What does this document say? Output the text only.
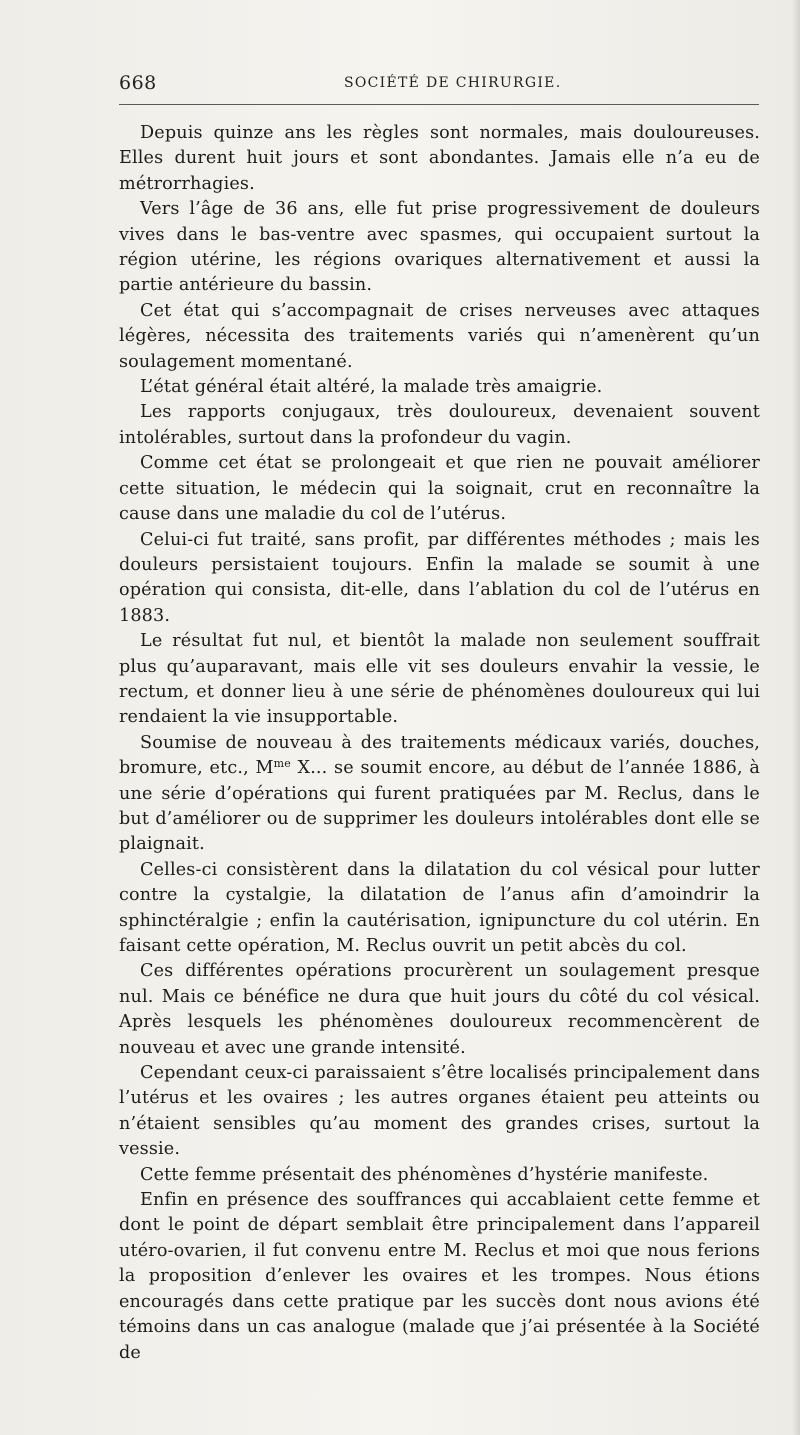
668	SOCIÉTÉ DE CHIRURGIE.

Depuis quinze ans les règles sont normales, mais douloureuses. Elles durent huit jours et sont abondantes. Jamais elle n’a eu de métrorrhagies.

Vers l’âge de 36 ans, elle fut prise progressivement de douleurs vives dans le bas-ventre avec spasmes, qui occupaient surtout la région utérine, les régions ovariques alternativement et aussi la partie antérieure du bassin.

Cet état qui s’accompagnait de crises nerveuses avec attaques légères, nécessita des traitements variés qui n’amenèrent qu’un soulagement momentané.

L’état général était altéré, la malade très amaigrie.

Les rapports conjugaux, très douloureux, devenaient souvent intolérables, surtout dans la profondeur du vagin.

Comme cet état se prolongeait et que rien ne pouvait améliorer cette situation, le médecin qui la soignait, crut en reconnaître la cause dans une maladie du col de l’utérus.

Celui-ci fut traité, sans profit, par différentes méthodes ; mais les douleurs persistaient toujours. Enfin la malade se soumit à une opération qui consista, dit-elle, dans l’ablation du col de l’utérus en 1883.

Le résultat fut nul, et bientôt la malade non seulement souffrait plus qu’auparavant, mais elle vit ses douleurs envahir la vessie, le rectum, et donner lieu à une série de phénomènes douloureux qui lui rendaient la vie insupportable.

Soumise de nouveau à des traitements médicaux variés, douches, bromure, etc., $M^{me}$ X... se soumit encore, au début de l’année 1886, à une série d’opérations qui furent pratiquées par M. Reclus, dans le but d’améliorer ou de supprimer les douleurs intolérables dont elle se plaignait.

Celles-ci consistèrent dans la dilatation du col vésical pour lutter contre la cystalgie, la dilatation de l’anus afin d’amoindrir la sphinctéralgie ; enfin la cautérisation, ignipuncture du col utérin. En faisant cette opération, M. Reclus ouvrit un petit abcès du col.

Ces différentes opérations procurèrent un soulagement presque nul. Mais ce bénéfice ne dura que huit jours du côté du col vésical. Après lesquels les phénomènes douloureux recommencèrent de nouveau et avec une grande intensité.

Cependant ceux-ci paraissaient s’être localisés principalement dans l’utérus et les ovaires ; les autres organes étaient peu atteints ou n’étaient sensibles qu’au moment des grandes crises, surtout la vessie.

Cette femme présentait des phénomènes d’hystérie manifeste.

Enfin en présence des souffrances qui accablaient cette femme et dont le point de départ semblait être principalement dans l’appareil utéro-ovarien, il fut convenu entre M. Reclus et moi que nous ferions la proposition d’enlever les ovaires et les trompes. Nous étions encouragés dans cette pratique par les succès dont nous avions été témoins dans un cas analogue (malade que j’ai présentée à la Société de
